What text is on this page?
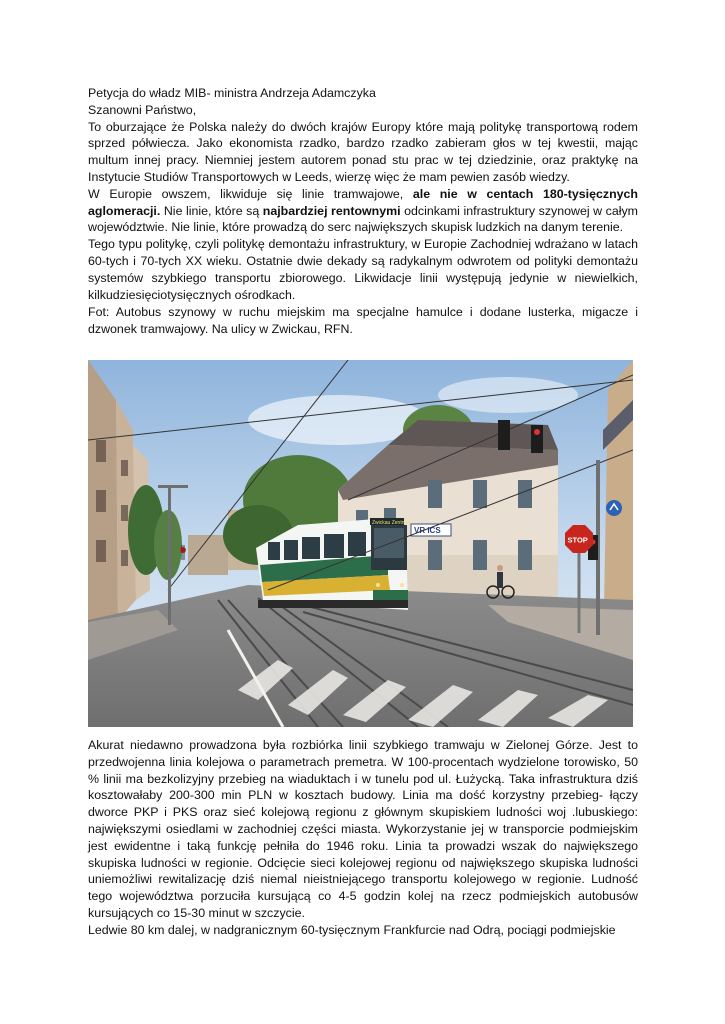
Petycja do władz MIB- ministra Andrzeja Adamczyka

Szanowni Państwo,

To oburzające że Polska należy do dwóch krajów Europy które mają politykę transportową rodem sprzed półwiecza. Jako ekonomista rzadko, bardzo rzadko zabieram głos w tej kwestii, mając multum innej pracy. Niemniej jestem autorem ponad stu prac w tej dziedzinie, oraz praktykę na Instytucie Studiów Transportowych w Leeds, wierzę więc że mam pewien zasób wiedzy.

W Europie owszem, likwiduje się linie tramwajowe, ale nie w centach 180-tysięcznych aglomeracji. Nie linie, które są najbardziej rentownymi odcinkami infrastruktury szynowej w całym województwie. Nie linie, które prowadzą do serc największych skupisk ludzkich na danym terenie.

Tego typu politykę, czyli politykę demontażu infrastruktury, w Europie Zachodniej wdrażano w latach 60-tych i 70-tych XX wieku. Ostatnie dwie dekady są radykalnym odwrotem od polityki demontażu systemów szybkiego transportu zbiorowego. Likwidacje linii występują jedynie w niewielkich, kilkudziesięciotysięcznych ośrodkach.

Fot: Autobus szynowy w ruchu miejskim ma specjalne hamulce i dodane lusterka, migacze i dzwonek tramwajowy. Na ulicy w Zwickau, RFN.

VR ICS
Zwickau Zentrum
STOP

Akurat niedawno prowadzona była rozbiórka linii szybkiego tramwaju w Zielonej Górze. Jest to przedwojenna linia kolejowa o parametrach premetra. W 100-procentach wydzielone torowisko, 50 % linii ma bezkolizyjny przebieg na wiaduktach i w tunelu pod ul. Łużycką. Taka infrastruktura dziś kosztowałaby 200-300 min PLN w kosztach budowy. Linia ma dość korzystny przebieg- łączy dworce PKP i PKS oraz sieć kolejową regionu z głównym skupiskiem ludności woj .lubuskiego: największymi osiedlami w zachodniej części miasta. Wykorzystanie jej w transporcie podmiejskim jest ewidentne i taką funkcję pełniła do 1946 roku. Linia ta prowadzi wszak do największego skupiska ludności w regionie. Odcięcie sieci kolejowej regionu od największego skupiska ludności uniemożliwi rewitalizację dziś niemal nieistniejącego transportu kolejowego w regionie. Ludność tego województwa porzuciła kursującą co 4-5 godzin kolej na rzecz podmiejskich autobusów kursujących co 15-30 minut w szczycie.

Ledwie 80 km dalej, w nadgranicznym 60-tysięcznym Frankfurcie nad Odrą, pociągi podmiejskie
